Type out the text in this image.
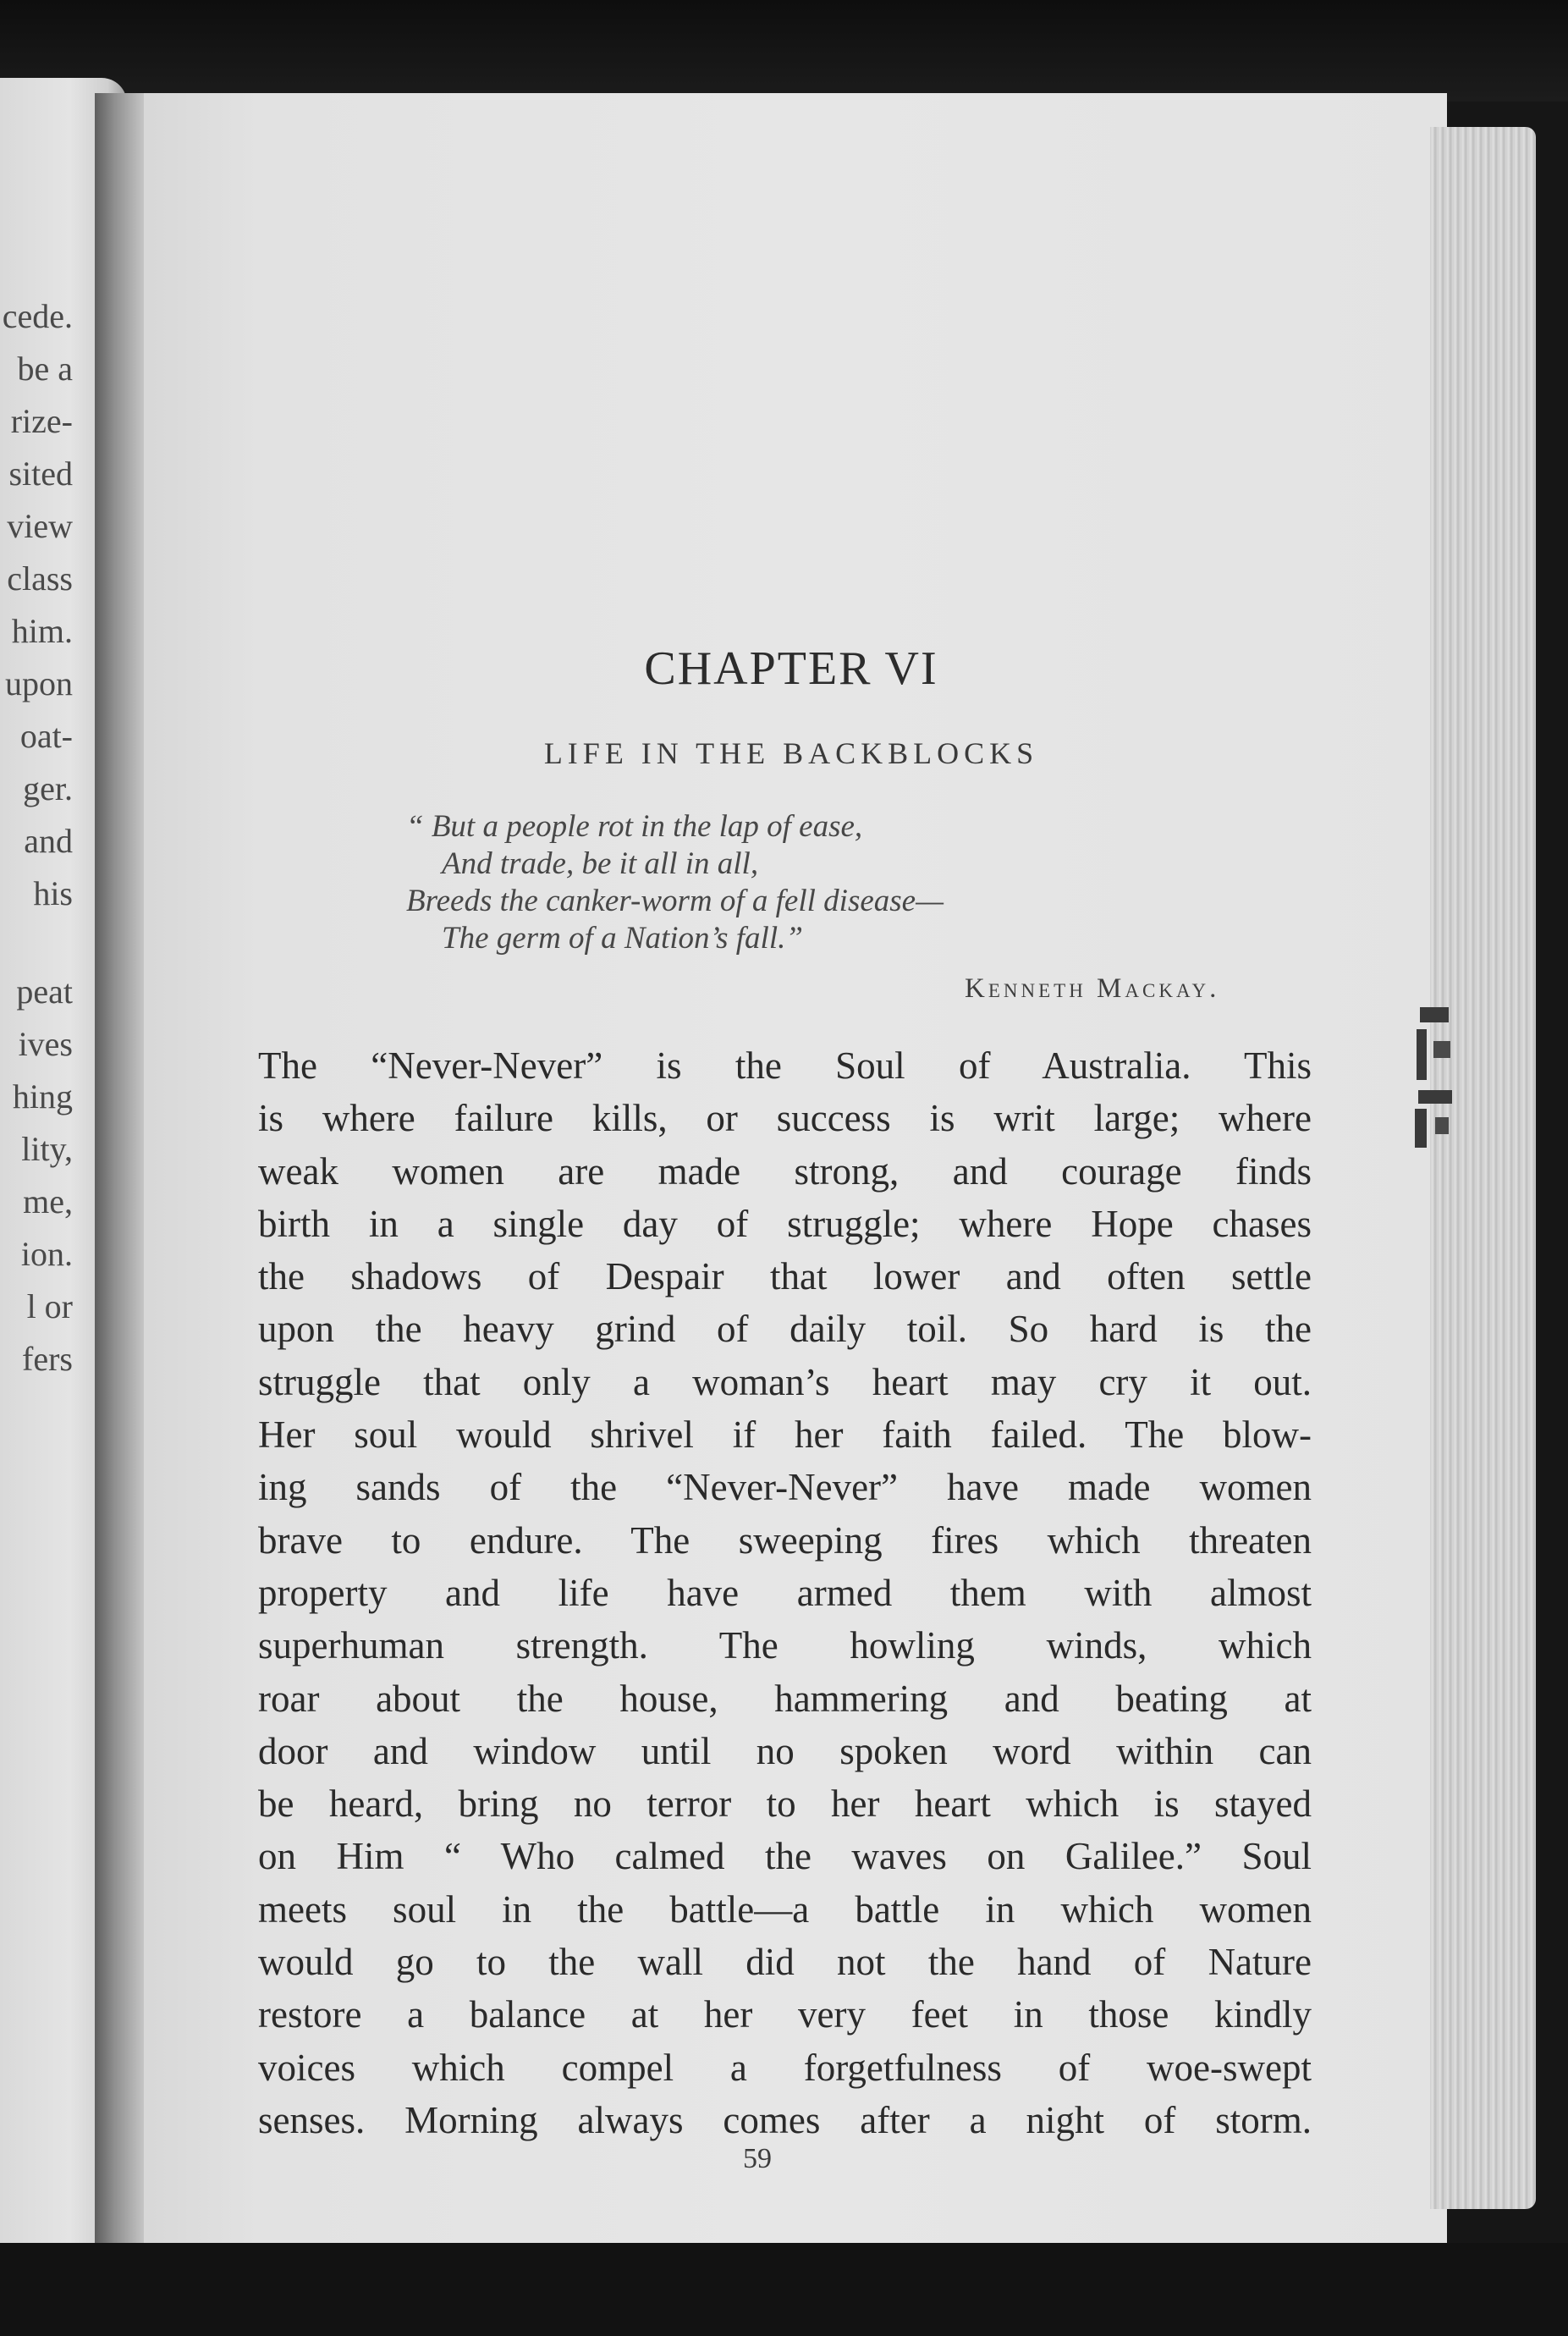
cede.
be a
rize-
sited
view
class
him.
upon
oat-
ger.
and
his
peat
ives
hing
lity,
me,
ion.
l or
fers
CHAPTER VI
LIFE IN THE BACKBLOCKS
“ But a people rot in the lap of ease,
And trade, be it all in all,
Breeds the canker-worm of a fell disease—
The germ of a Nation’s fall.”
Kenneth Mackay.
The “Never-Never” is the Soul of Australia. This
is where failure kills, or success is writ large; where
weak women are made strong, and courage finds
birth in a single day of struggle; where Hope chases
the shadows of Despair that lower and often settle
upon the heavy grind of daily toil. So hard is the
struggle that only a woman’s heart may cry it out.
Her soul would shrivel if her faith failed. The blow-
ing sands of the “Never-Never” have made women
brave to endure. The sweeping fires which threaten
property and life have armed them with almost
superhuman strength. The howling winds, which
roar about the house, hammering and beating at
door and window until no spoken word within can
be heard, bring no terror to her heart which is stayed
on Him “ Who calmed the waves on Galilee.” Soul
meets soul in the battle—a battle in which women
would go to the wall did not the hand of Nature
restore a balance at her very feet in those kindly
voices which compel a forgetfulness of woe-swept
senses. Morning always comes after a night of storm.
59
